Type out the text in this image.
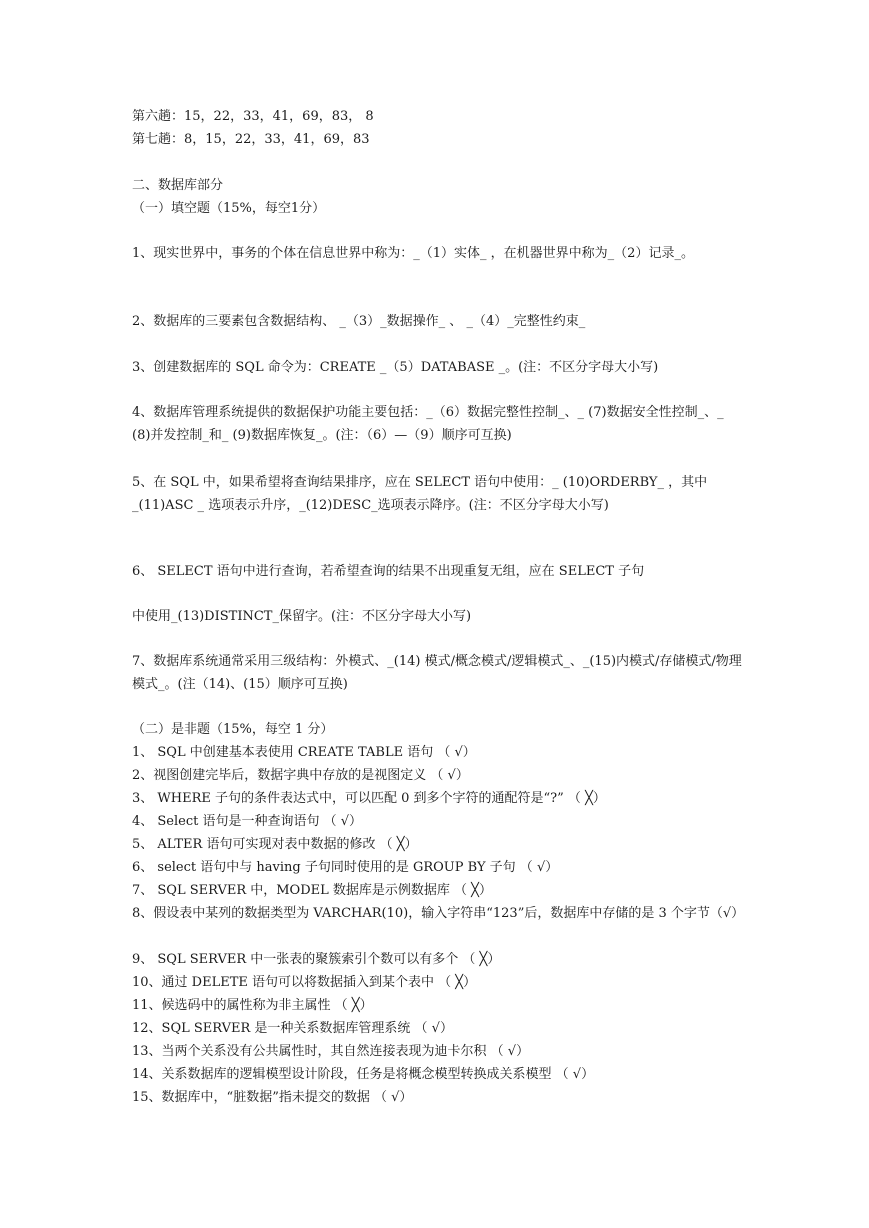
第六趟：15，22，33，41，69，83， 8
第七趟：8，15，22，33，41，69，83
二、数据库部分
（一）填空题（15%，每空1分）
1、现实世界中，事务的个体在信息世界中称为：_（1）实体_ ，在机器世界中称为_（2）记录_。
2、数据库的三要素包含数据结构、 _（3）_数据操作_ 、 _（4）_完整性约束_
3、创建数据库的 SQL 命令为：CREATE _（5）DATABASE _。(注：不区分字母大小写)
4、数据库管理系统提供的数据保护功能主要包括：_（6）数据完整性控制_、_ (7)数据安全性控制_、_ (8)并发控制_和_ (9)数据库恢复_。(注：（6）—（9）顺序可互换)
5、在 SQL 中，如果希望将查询结果排序，应在 SELECT 语句中使用：_ (10)ORDERBY_ ，其中_(11)ASC _ 选项表示升序，_(12)DESC_选项表示降序。(注：不区分字母大小写)
6、 SELECT 语句中进行查询，若希望查询的结果不出现重复无组，应在 SELECT 子句
中使用_(13)DISTINCT_保留字。(注：不区分字母大小写)
7、数据库系统通常采用三级结构：外模式、_(14) 模式/概念模式/逻辑模式_、_(15)内模式/存储模式/物理模式_。(注（14)、(15）顺序可互换)
（二）是非题（15%，每空 1 分）
1、 SQL 中创建基本表使用 CREATE TABLE 语句 （ √）
2、视图创建完毕后，数据字典中存放的是视图定义 （ √）
3、 WHERE 子句的条件表达式中，可以匹配 0 到多个字符的通配符是“?” （ ╳）
4、 Select 语句是一种查询语句 （ √）
5、 ALTER 语句可实现对表中数据的修改 （ ╳）
6、 select 语句中与 having 子句同时使用的是 GROUP BY 子句 （ √）
7、 SQL SERVER 中，MODEL 数据库是示例数据库 （ ╳）
8、假设表中某列的数据类型为 VARCHAR(10)，输入字符串“123”后，数据库中存储的是 3 个字节（√）
9、 SQL SERVER 中一张表的聚簇索引个数可以有多个 （ ╳）
10、通过 DELETE 语句可以将数据插入到某个表中 （ ╳）
11、候选码中的属性称为非主属性 （ ╳）
12、SQL SERVER 是一种关系数据库管理系统 （ √）
13、当两个关系没有公共属性时，其自然连接表现为迪卡尔积 （ √）
14、关系数据库的逻辑模型设计阶段，任务是将概念模型转换成关系模型 （ √）
15、数据库中，“脏数据”指未提交的数据 （ √）
